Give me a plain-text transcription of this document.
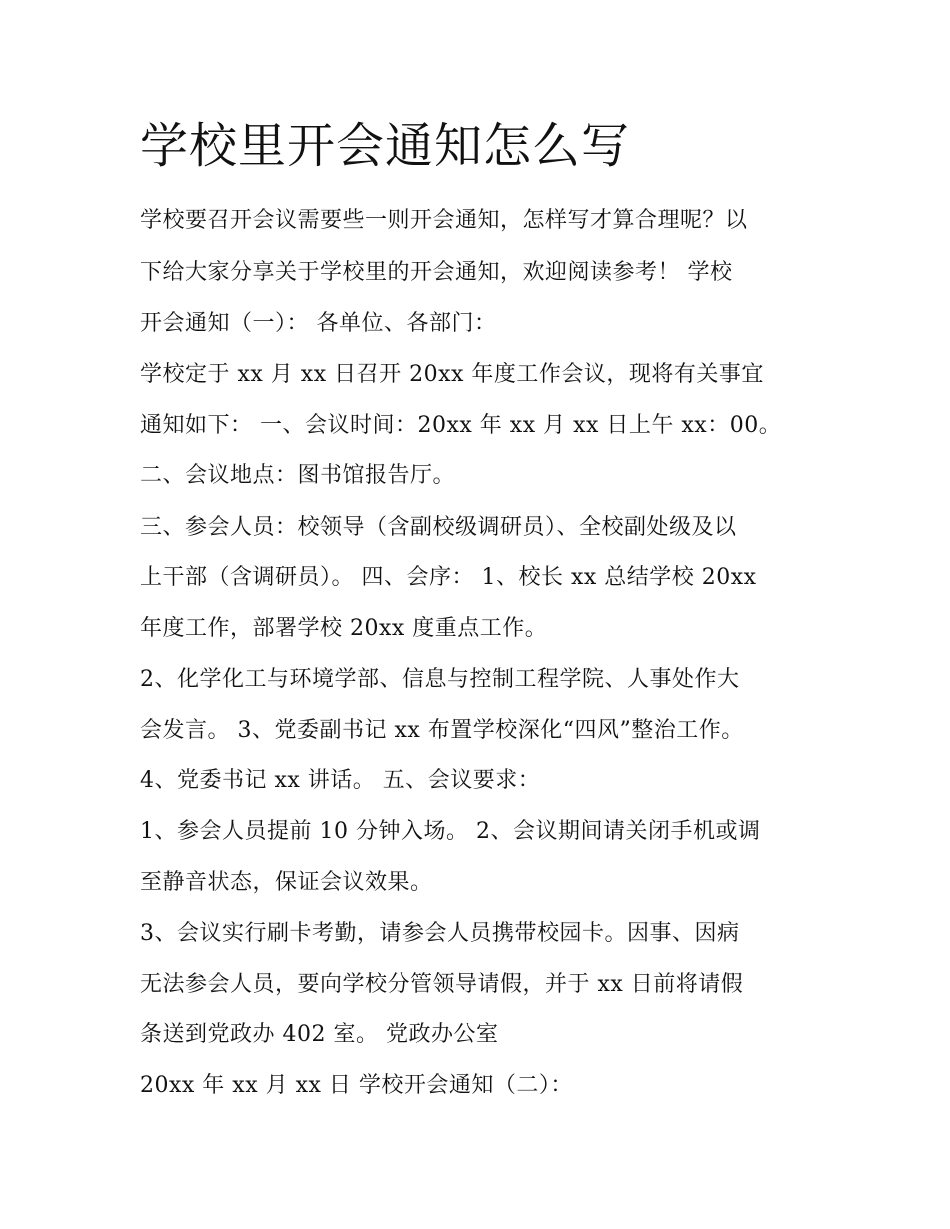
学校里开会通知怎么写

学校要召开会议需要些一则开会通知，怎样写才算合理呢？以

下给大家分享关于学校里的开会通知，欢迎阅读参考！ 学校

开会通知（一）： 各单位、各部门：

学校定于 xx 月 xx 日召开 20xx 年度工作会议，现将有关事宜

通知如下： 一、会议时间：20xx 年 xx 月 xx 日上午 xx：00。

二、会议地点：图书馆报告厅。

三、参会人员：校领导（含副校级调研员）、全校副处级及以

上干部（含调研员）。 四、会序： 1、校长 xx 总结学校 20xx

年度工作，部署学校 20xx 度重点工作。

2、化学化工与环境学部、信息与控制工程学院、人事处作大

会发言。 3、党委副书记 xx 布置学校深化“四风”整治工作。

4、党委书记 xx 讲话。 五、会议要求：

1、参会人员提前 10 分钟入场。 2、会议期间请关闭手机或调

至静音状态，保证会议效果。

3、会议实行刷卡考勤，请参会人员携带校园卡。因事、因病

无法参会人员，要向学校分管领导请假，并于 xx 日前将请假

条送到党政办 402 室。 党政办公室

20xx 年 xx 月 xx 日 学校开会通知（二）：
